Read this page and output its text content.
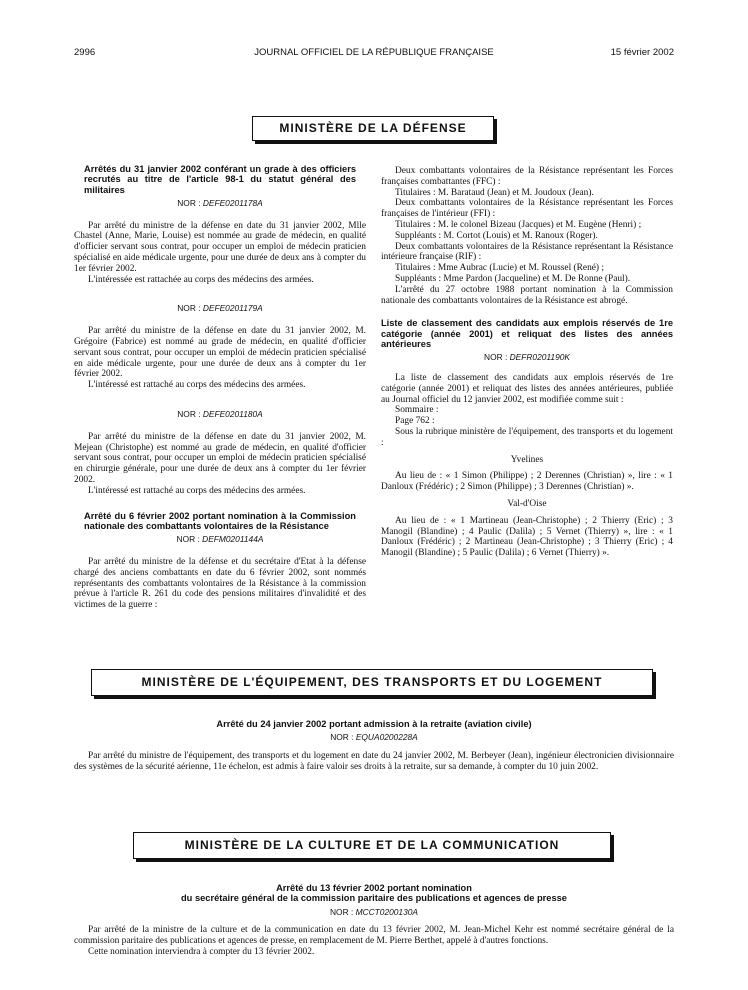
2996	JOURNAL OFFICIEL DE LA RÉPUBLIQUE FRANÇAISE	15 février 2002
MINISTÈRE DE LA DÉFENSE
Arrêtés du 31 janvier 2002 conférant un grade à des officiers recrutés au titre de l'article 98-1 du statut général des militaires
NOR : DEFE0201178A

Par arrêté du ministre de la défense en date du 31 janvier 2002, Mlle Chastel (Anne, Marie, Louise) est nommée au grade de médecin, en qualité d'officier servant sous contrat, pour occuper un emploi de médecin praticien spécialisé en aide médicale urgente, pour une durée de deux ans à compter du 1er février 2002.

L'intéressée est rattachée au corps des médecins des armées.

NOR : DEFE0201179A

Par arrêté du ministre de la défense en date du 31 janvier 2002, M. Grégoire (Fabrice) est nommé au grade de médecin, en qualité d'officier servant sous contrat, pour occuper un emploi de médecin praticien spécialisé en aide médicale urgente, pour une durée de deux ans à compter du 1er février 2002.

L'intéressé est rattaché au corps des médecins des armées.

NOR : DEFE0201180A

Par arrêté du ministre de la défense en date du 31 janvier 2002, M. Mejean (Christophe) est nommé au grade de médecin, en qualité d'officier servant sous contrat, pour occuper un emploi de médecin praticien spécialisé en chirurgie générale, pour une durée de deux ans à compter du 1er février 2002.

L'intéressé est rattaché au corps des médecins des armées.

Arrêté du 6 février 2002 portant nomination à la Commission nationale des combattants volontaires de la Résistance
NOR : DEFM0201144A

Par arrêté du ministre de la défense et du secrétaire d'Etat à la défense chargé des anciens combattants en date du 6 février 2002, sont nommés représentants des combattants volontaires de la Résistance à la commission prévue à l'article R. 261 du code des pensions militaires d'invalidité et des victimes de la guerre :

Deux combattants volontaires de la Résistance représentant les Forces françaises combattantes (FFC) :

Titulaires : M. Barataud (Jean) et M. Joudoux (Jean).

Deux combattants volontaires de la Résistance représentant les Forces françaises de l'intérieur (FFI) :

Titulaires : M. le colonel Bizeau (Jacques) et M. Eugène (Henri) ;

Suppléants : M. Cortot (Louis) et M. Ranoux (Roger).

Deux combattants volontaires de la Résistance représentant la Résistance intérieure française (RIF) :

Titulaires : Mme Aubrac (Lucie) et M. Roussel (René) ;

Suppléants : Mme Pardon (Jacqueline) et M. De Ronne (Paul).

L'arrêté du 27 octobre 1988 portant nomination à la Commission nationale des combattants volontaires de la Résistance est abrogé.

Liste de classement des candidats aux emplois réservés de 1re catégorie (année 2001) et reliquat des listes des années antérieures
NOR : DEFR0201190K

La liste de classement des candidats aux emplois réservés de 1re catégorie (année 2001) et reliquat des listes des années antérieures, publiée au Journal officiel du 12 janvier 2002, est modifiée comme suit :

Sommaire :

Page 762 :

Sous la rubrique ministère de l'équipement, des transports et du logement :

Yvelines

Au lieu de : « 1 Simon (Philippe) ; 2 Derennes (Christian) », lire : « 1 Danloux (Frédéric) ; 2 Simon (Philippe) ; 3 Derennes (Christian) ».

Val-d'Oise

Au lieu de : « 1 Martineau (Jean-Christophe) ; 2 Thierry (Eric) ; 3 Manogil (Blandine) ; 4 Paulic (Dalila) ; 5 Vernet (Thierry) », lire : « 1 Danloux (Frédéric) ; 2 Martineau (Jean-Christophe) ; 3 Thierry (Eric) ; 4 Manogil (Blandine) ; 5 Paulic (Dalila) ; 6 Vernet (Thierry) ».

MINISTÈRE DE L'ÉQUIPEMENT, DES TRANSPORTS ET DU LOGEMENT
Arrêté du 24 janvier 2002 portant admission à la retraite (aviation civile)
NOR : EQUA0200228A

Par arrêté du ministre de l'équipement, des transports et du logement en date du 24 janvier 2002, M. Berbeyer (Jean), ingénieur électronicien divisionnaire des systèmes de la sécurité aérienne, 11e échelon, est admis à faire valoir ses droits à la retraite, sur sa demande, à compter du 10 juin 2002.

MINISTÈRE DE LA CULTURE ET DE LA COMMUNICATION
Arrêté du 13 février 2002 portant nomination
du secrétaire général de la commission paritaire des publications et agences de presse
NOR : MCCT0200130A

Par arrêté de la ministre de la culture et de la communication en date du 13 février 2002, M. Jean-Michel Kehr est nommé secrétaire général de la commission paritaire des publications et agences de presse, en remplacement de M. Pierre Berthet, appelé à d'autres fonctions.

Cette nomination interviendra à compter du 13 février 2002.
